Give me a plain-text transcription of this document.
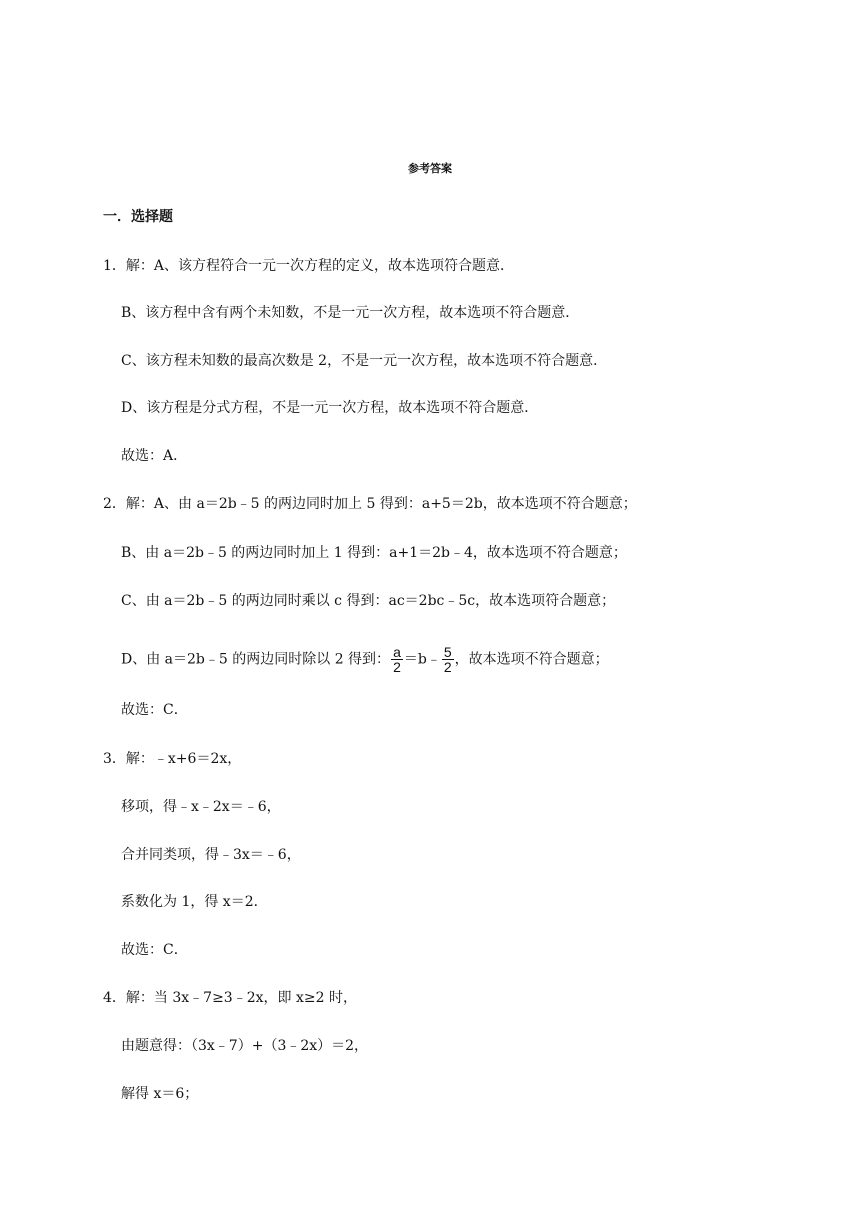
参考答案
一．选择题
1．解：A、该方程符合一元一次方程的定义，故本选项符合题意．
B、该方程中含有两个未知数，不是一元一次方程，故本选项不符合题意．
C、该方程未知数的最高次数是 2，不是一元一次方程，故本选项不符合题意．
D、该方程是分式方程，不是一元一次方程，故本选项不符合题意．
故选：A．
2．解：A、由 a＝2b﹣5 的两边同时加上 5 得到：a+5＝2b，故本选项不符合题意；
B、由 a＝2b﹣5 的两边同时加上 1 得到：a+1＝2b﹣4，故本选项不符合题意；
C、由 a＝2b﹣5 的两边同时乘以 c 得到：ac＝2bc﹣5c，故本选项符合题意；
D、由 a＝2b﹣5 的两边同时除以 2 得到： $\frac{a}{2}$ ＝b﹣ $\frac{5}{2}$ ，故本选项不符合题意；
故选：C．
3．解：﹣x+6＝2x，
移项，得﹣x﹣2x＝﹣6，
合并同类项，得﹣3x＝﹣6，
系数化为 1，得 x＝2．
故选：C．
4．解：当 3x﹣7≥3﹣2x，即 x≥2 时，
由题意得：（3x﹣7）+（3﹣2x）＝2，
解得 x＝6；
